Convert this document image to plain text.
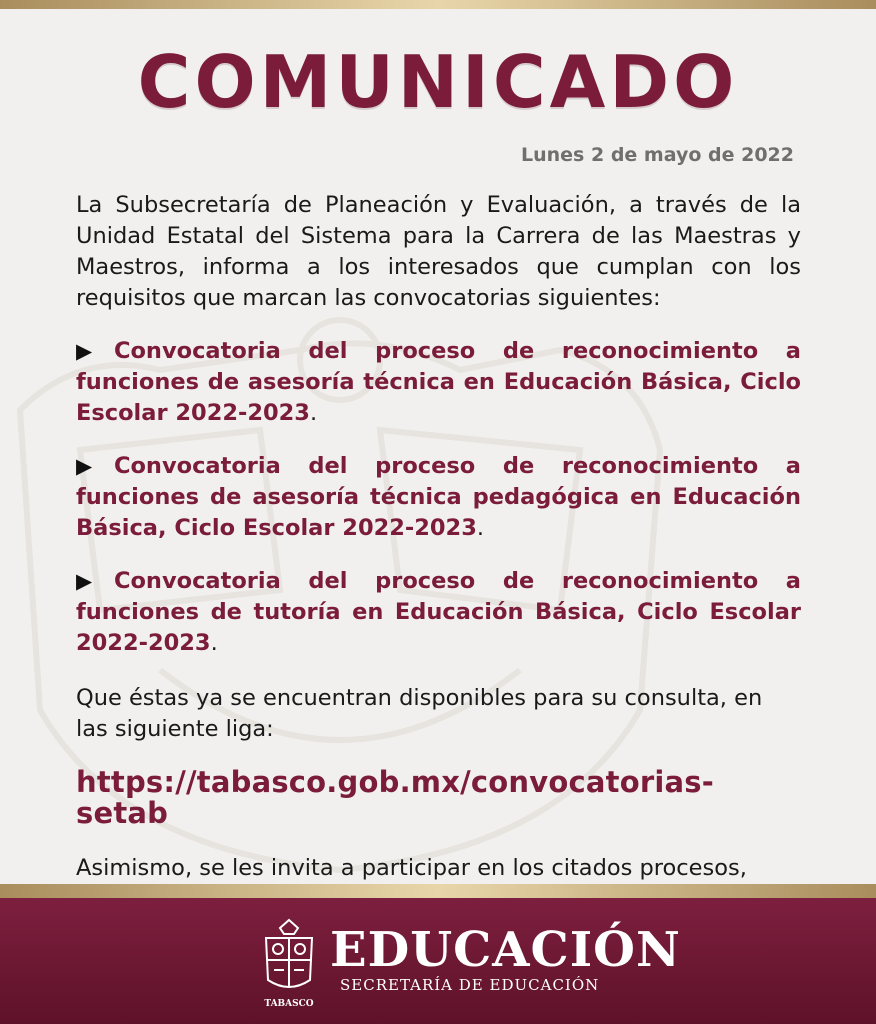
COMUNICADO
Lunes 2 de mayo de 2022

La Subsecretaría de Planeación y Evaluación, a través de la Unidad Estatal del Sistema para la Carrera de las Maestras y Maestros, informa a los interesados que cumplan con los requisitos que marcan las convocatorias siguientes:

▶Convocatoria del proceso de reconocimiento a funciones de asesoría técnica en Educación Básica, Ciclo Escolar 2022-2023.

▶Convocatoria del proceso de reconocimiento a funciones de asesoría técnica pedagógica en Educación Básica, Ciclo Escolar 2022-2023.

▶Convocatoria del proceso de reconocimiento a funciones de tutoría en Educación Básica, Ciclo Escolar 2022-2023.

Que éstas ya se encuentran disponibles para su consulta, en las siguiente liga:

https://tabasco.gob.mx/convocatorias-setab

Asimismo, se les invita a participar en los citados procesos,

TABASCO
EDUCACIÓN
SECRETARÍA DE EDUCACIÓN
